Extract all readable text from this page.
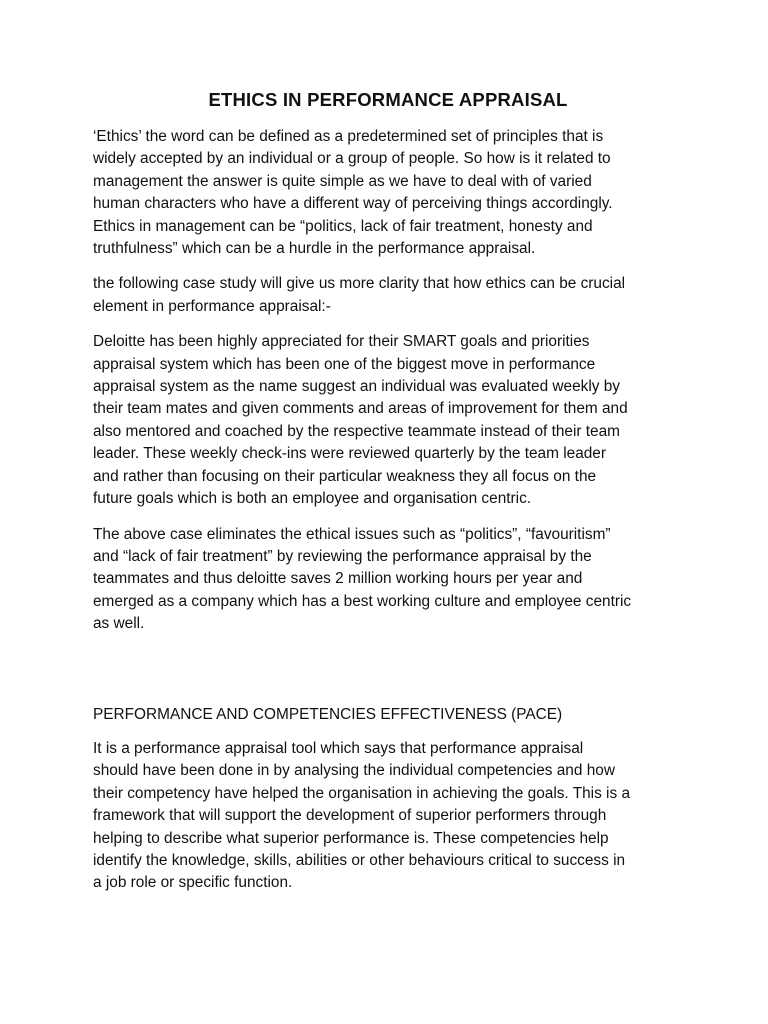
ETHICS IN PERFORMANCE APPRAISAL

‘Ethics’ the word can be defined as a predetermined set of principles that is
widely accepted by an individual or a group of people. So how is it related to
management the answer is quite simple as we have to deal with of varied
human characters who have a different way of perceiving things accordingly.
Ethics in management can be “politics, lack of fair treatment, honesty and
truthfulness” which can be a hurdle in the performance appraisal.

the following case study will give us more clarity that how ethics can be crucial
element in performance appraisal:-

Deloitte has been highly appreciated for their SMART goals and priorities
appraisal system which has been one of the biggest move in performance
appraisal system as the name suggest an individual was evaluated weekly by
their team mates and given comments and areas of improvement for them and
also mentored and coached by the respective teammate instead of their team
leader. These weekly check-ins were reviewed quarterly by the team leader
and rather than focusing on their particular weakness they all focus on the
future goals which is both an employee and organisation centric.

The above case eliminates the ethical issues such as “politics”, “favouritism”
and “lack of fair treatment” by reviewing the performance appraisal by the
teammates and thus deloitte saves 2 million working hours per year and
emerged as a company which has a best working culture and employee centric
as well.

PERFORMANCE AND COMPETENCIES EFFECTIVENESS (PACE)

It is a performance appraisal tool which says that performance appraisal
should have been done in by analysing the individual competencies and how
their competency have helped the organisation in achieving the goals. This is a
framework that will support the development of superior performers through
helping to describe what superior performance is. These competencies help
identify the knowledge, skills, abilities or other behaviours critical to success in
a job role or specific function.
